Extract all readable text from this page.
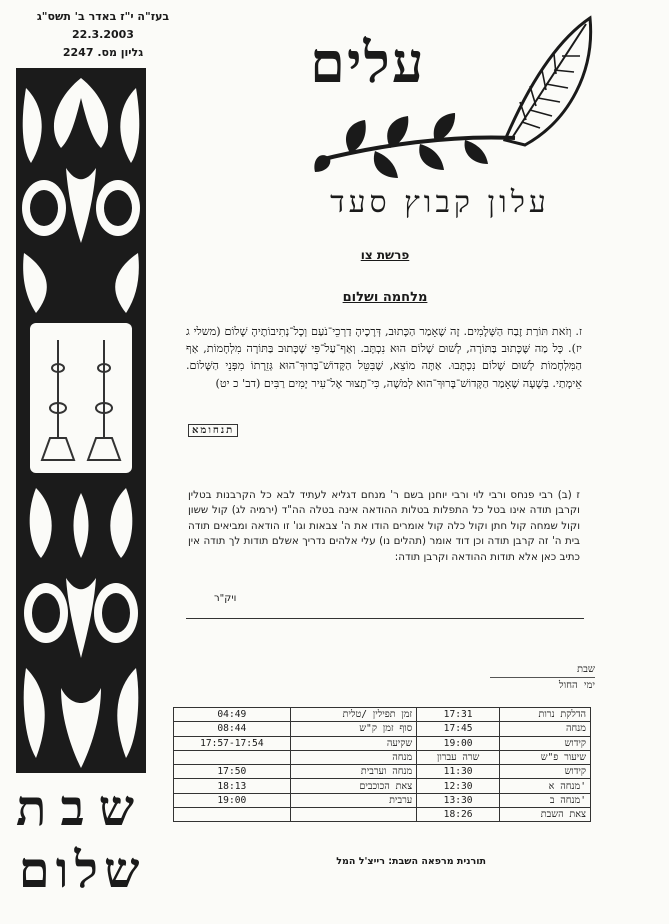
בעז"ה י"ז באדר ב' תשס"ג
22.3.2003
גליון מס. 2247	עלים
עלון קבוץ סעד
שבת
שלום
פרשת צו
מלחמה ושלום
ז. וְזֹאת תּוֹרַת זֶבַח הַשְּׁלָמִים. זֶה שֶׁאָמַר הַכָּתוּב, דְּרָכֶיהָ דַרְכֵי־נֹעַם וְכָל־נְתִיבוֹתֶיהָ שָׁלוֹם (משלי ג יז). כָּל מַה שֶּׁכָּתוּב בַּתּוֹרָה, לְשׁוּם שָׁלוֹם הוּא נִכְתָּב. וְאַף־עַל־פִּי שֶׁכָּתוּב בַּתּוֹרָה מִלְחָמוֹת, אַף הַמִּלְחָמוֹת לְשׁוּם שָׁלוֹם נִכְתָּבוּ. אַתָּה מוֹצֵא, שֶׁבִּטֵּל הַקָּדוֹשׁ־בָּרוּךְ־הוּא גְּזֵרָתוֹ מִפְּנֵי הַשָּׁלוֹם. אֵימָתַי. בְּשָׁעָה שֶׁאָמַר הַקָּדוֹשׁ־בָּרוּךְ־הוּא לְמֹשֶׁה, כִּי־תָצוּר אֶל־עִיר יָמִים רַבִּים (דב' כ יט)
תנחומא
ז (ב) רבי פנחס ורבי לוי ורבי יוחנן בשם ר' מנחם דגליא לעתיד לבא כל הקרבנות בטלין וקרבן תודה אינו בטל כל התפלות בטלות ההודאה אינה בטלה הה"ד (ירמיה לג) קול ששון וקול שמחה קול חתן וקול כלה קול אומרים הודו את ה' צבאות וגו' זו הודאה ומביאים תודה בית ה' זה קרבן תודה וכן דוד אומר (תהלים נו) עלי אלהים נדריך אשלם תודות לך תודה אין כתיב כאן אלא תודות ההודאה וקרבן תודה:
ויק"ר
שבת
ימי החול
04:49	זמן תפילין /טלית	17:31	הדלקת נרות
08:44	סוף זמן ק"ש	17:45	מנחה
17:57-17:54	שקיעה	19:00	קידוש
	מנחה	שרה עברון	שיעור פ"ש
17:50	מנחה וערבית	11:30	קידוש
18:13	צאת הכוכבים	12:30	מנחה א'
19:00	ערבית	13:30	מנחה ב'
		18:26	צאת השבת
תורנית מרפאה השבת: רייצ'ל המל
